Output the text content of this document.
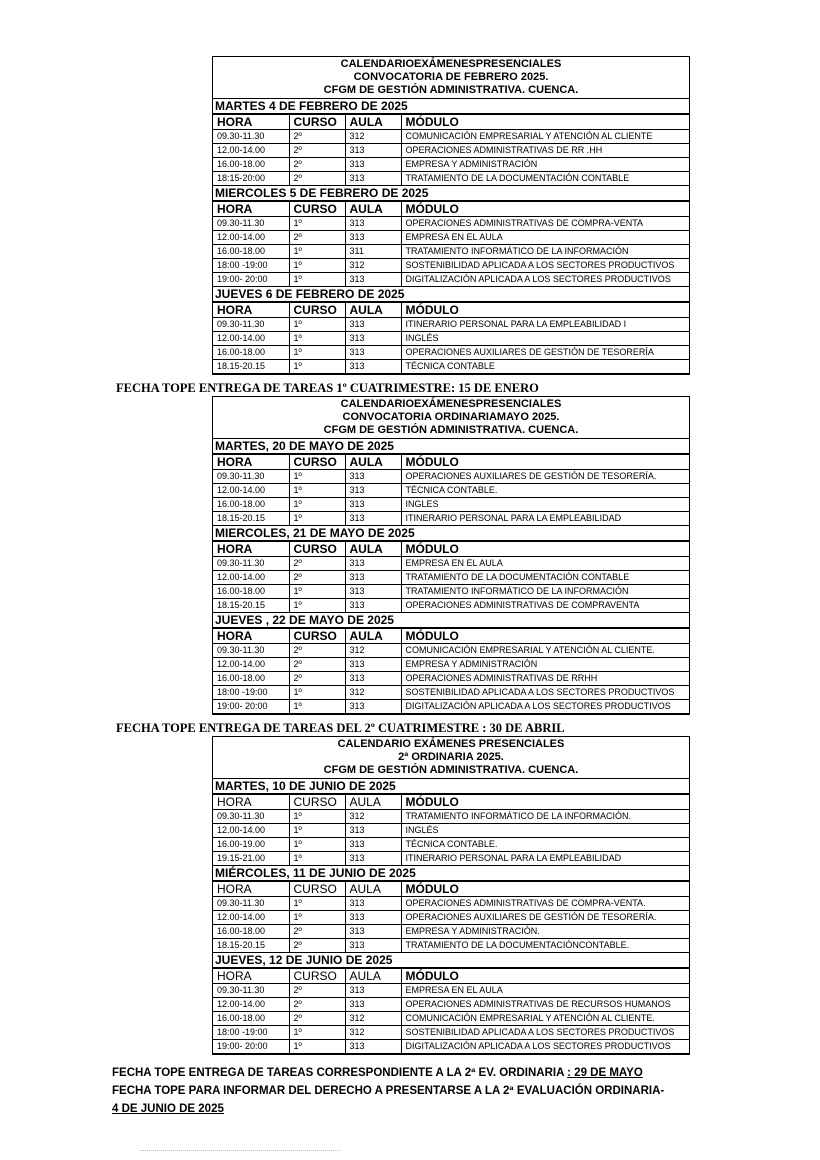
CALENDARIOEXÁMENESPRESENCIALES
CONVOCATORIA DE FEBRERO 2025.
CFGM DE GESTIÓN ADMINISTRATIVA. CUENCA.
MARTES 4 DE FEBRERO DE 2025
HORA	CURSO	AULA	MÓDULO
09.30-11.30	2º	312	COMUNICACIÓN EMPRESARIAL Y ATENCIÓN AL CLIENTE
12.00-14.00	2º	313	OPERACIONES ADMINISTRATIVAS DE RR .HH
16.00-18.00	2º	313	EMPRESA Y ADMINISTRACIÓN
18:15-20:00	2º	313	TRATAMIENTO DE LA DOCUMENTACIÓN CONTABLE
MIERCOLES 5 DE FEBRERO DE 2025
HORA	CURSO	AULA	MÓDULO
09.30-11.30	1º	313	OPERACIONES ADMINISTRATIVAS DE COMPRA-VENTA
12.00-14.00	2º	313	EMPRESA EN EL AULA
16.00-18.00	1º	311	TRATAMIENTO INFORMÁTICO DE LA INFORMACIÓN
18:00 -19:00	1º	312	SOSTENIBILIDAD APLICADA A LOS SECTORES PRODUCTIVOS
19:00- 20:00	1º	313	DIGITALIZACIÓN APLICADA A LOS SECTORES PRODUCTIVOS
JUEVES 6 DE FEBRERO DE 2025
HORA	CURSO	AULA	MÓDULO
09.30-11.30	1º	313	ITINERARIO PERSONAL PARA LA EMPLEABILIDAD I
12.00-14.00	1º	313	INGLÉS
16.00-18.00	1º	313	OPERACIONES AUXILIARES DE GESTIÓN DE TESORERÍA
18.15-20.15	1º	313	TÉCNICA CONTABLE
FECHA TOPE ENTREGA DE TAREAS 1º CUATRIMESTRE: 15 DE ENERO
CALENDARIOEXÁMENESPRESENCIALES
CONVOCATORIA ORDINARIAMAYO 2025.
CFGM DE GESTIÓN ADMINISTRATIVA. CUENCA.
MARTES, 20 DE MAYO DE 2025
HORA	CURSO	AULA	MÓDULO
09.30-11.30	1º	313	OPERACIONES AUXILIARES DE GESTIÓN DE TESORERÍA.
12.00-14.00	1º	313	TÉCNICA CONTABLE.
16.00-18.00	1º	313	INGLES
18.15-20.15	1º	313	ITINERARIO PERSONAL PARA LA EMPLEABILIDAD
MIERCOLES, 21 DE MAYO DE 2025
HORA	CURSO	AULA	MÓDULO
09.30-11.30	2º	313	EMPRESA EN EL AULA
12.00-14.00	2º	313	TRATAMIENTO DE LA DOCUMENTACIÓN CONTABLE
16.00-18.00	1º	313	TRATAMIENTO INFORMÁTICO DE LA INFORMACIÓN
18.15-20.15	1º	313	OPERACIONES ADMINISTRATIVAS DE COMPRAVENTA
JUEVES , 22 DE MAYO DE 2025
HORA	CURSO	AULA	MÓDULO
09.30-11.30	2º	312	COMUNICACIÓN EMPRESARIAL Y ATENCIÓN AL CLIENTE.
12.00-14.00	2º	313	EMPRESA Y ADMINISTRACIÓN
16.00-18.00	2º	313	OPERACIONES ADMINISTRATIVAS DE RRHH
18:00 -19:00	1º	312	SOSTENIBILIDAD APLICADA A LOS SECTORES PRODUCTIVOS
19:00- 20:00	1º	313	DIGITALIZACIÓN APLICADA A LOS SECTORES PRODUCTIVOS
FECHA TOPE ENTREGA DE TAREAS DEL 2º CUATRIMESTRE : 30 DE ABRIL
CALENDARIO EXÁMENES PRESENCIALES
2ª ORDINARIA 2025.
CFGM DE GESTIÓN ADMINISTRATIVA. CUENCA.
MARTES, 10 DE JUNIO DE 2025
HORA	CURSO	AULA	MÓDULO
09.30-11.30	1º	312	TRATAMIENTO INFORMÁTICO DE LA INFORMACIÓN.
12.00-14.00	1º	313	INGLÉS
16.00-19.00	1º	313	TÉCNICA CONTABLE.
19.15-21.00	1º	313	ITINERARIO PERSONAL PARA LA EMPLEABILIDAD
MIÉRCOLES, 11 DE JUNIO DE 2025
HORA	CURSO	AULA	MÓDULO
09.30-11.30	1º	313	OPERACIONES ADMINISTRATIVAS DE COMPRA-VENTA.
12.00-14.00	1º	313	OPERACIONES AUXILIARES DE GESTIÓN DE TESORERÍA.
16.00-18.00	2º	313	EMPRESA Y ADMINISTRACIÓN.
18.15-20.15	2º	313	TRATAMIENTO DE LA DOCUMENTACIÓNCONTABLE.
JUEVES, 12 DE JUNIO DE 2025
HORA	CURSO	AULA	MÓDULO
09.30-11.30	2º	313	EMPRESA EN EL AULA
12.00-14.00	2º	313	OPERACIONES ADMINISTRATIVAS DE RECURSOS HUMANOS
16.00-18.00	2º	312	COMUNICACIÓN EMPRESARIAL Y ATENCIÓN AL CLIENTE.
18:00 -19:00	1º	312	SOSTENIBILIDAD APLICADA A LOS SECTORES PRODUCTIVOS
19:00- 20:00	1º	313	DIGITALIZACIÓN APLICADA A LOS SECTORES PRODUCTIVOS
FECHA TOPE ENTREGA DE TAREAS CORRESPONDIENTE A LA 2ª EV. ORDINARIA : 29 DE MAYO
FECHA TOPE PARA INFORMAR DEL DERECHO A PRESENTARSE A LA 2ª EVALUACIÓN ORDINARIA-
4 DE JUNIO DE 2025
